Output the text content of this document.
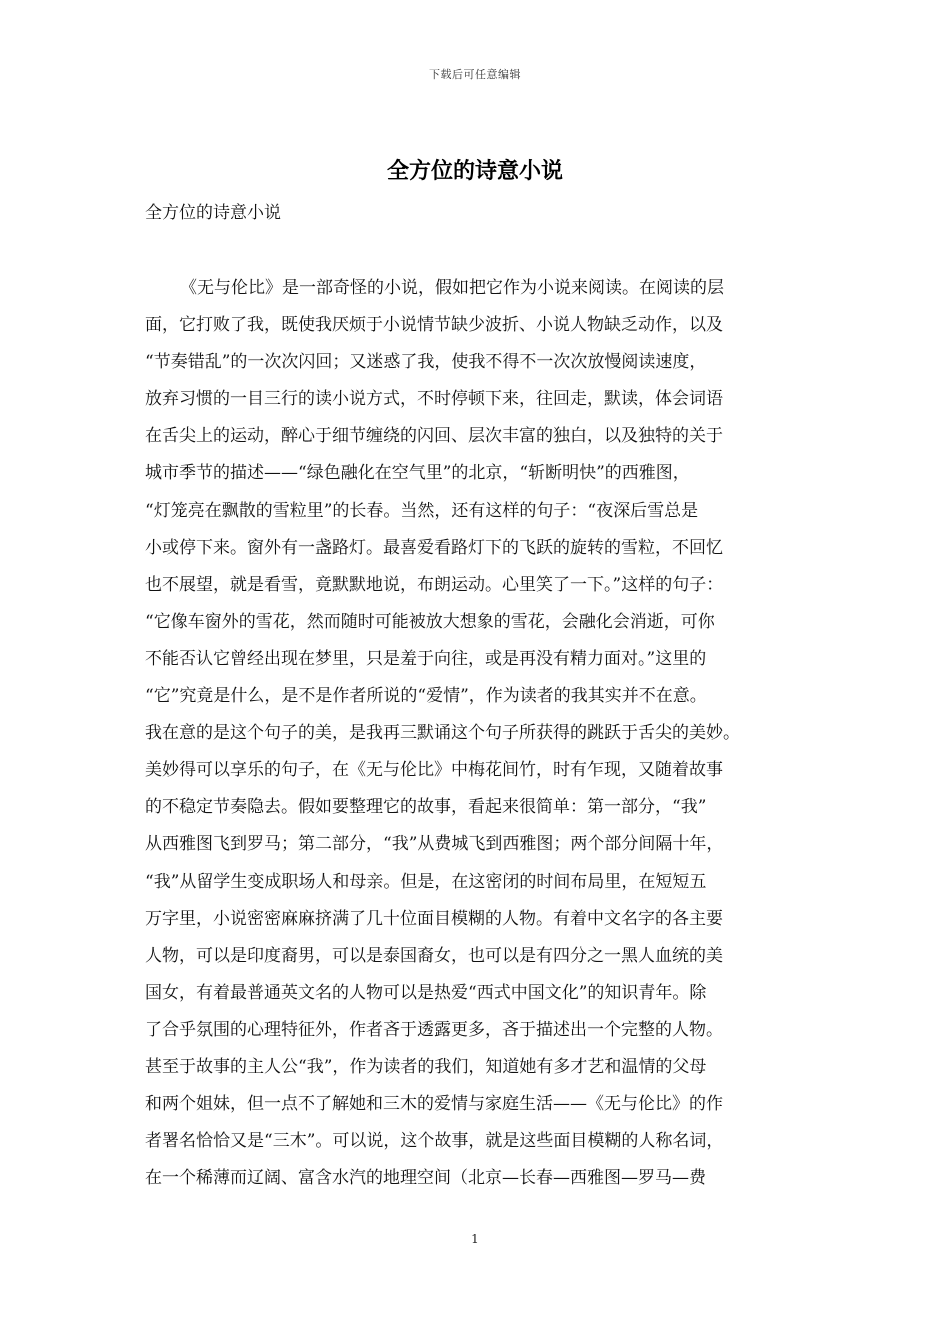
下载后可任意编辑
全方位的诗意小说
全方位的诗意小说
《无与伦比》是一部奇怪的小说，假如把它作为小说来阅读。在阅读的层
面，它打败了我，既使我厌烦于小说情节缺少波折、小说人物缺乏动作，以及
“节奏错乱”的一次次闪回；又迷惑了我，使我不得不一次次放慢阅读速度，
放弃习惯的一目三行的读小说方式，不时停顿下来，往回走，默读，体会词语
在舌尖上的运动，醉心于细节缠绕的闪回、层次丰富的独白，以及独特的关于
城市季节的描述——“绿色融化在空气里”的北京，“斩断明快”的西雅图，
“灯笼亮在飘散的雪粒里”的长春。当然，还有这样的句子：“夜深后雪总是
小或停下来。窗外有一盏路灯。最喜爱看路灯下的飞跃的旋转的雪粒，不回忆
也不展望，就是看雪，竟默默地说，布朗运动。心里笑了一下。”这样的句子：
“它像车窗外的雪花，然而随时可能被放大想象的雪花，会融化会消逝，可你
不能否认它曾经出现在梦里，只是羞于向往，或是再没有精力面对。”这里的
“它”究竟是什么，是不是作者所说的“爱情”，作为读者的我其实并不在意。
我在意的是这个句子的美，是我再三默诵这个句子所获得的跳跃于舌尖的美妙。
美妙得可以享乐的句子，在《无与伦比》中梅花间竹，时有乍现，又随着故事
的不稳定节奏隐去。假如要整理它的故事，看起来很简单：第一部分，“我”
从西雅图飞到罗马；第二部分，“我”从费城飞到西雅图；两个部分间隔十年，
“我”从留学生变成职场人和母亲。但是，在这密闭的时间布局里，在短短五
万字里，小说密密麻麻挤满了几十位面目模糊的人物。有着中文名字的各主要
人物，可以是印度裔男，可以是泰国裔女，也可以是有四分之一黑人血统的美
国女，有着最普通英文名的人物可以是热爱“西式中国文化”的知识青年。除
了合乎氛围的心理特征外，作者吝于透露更多，吝于描述出一个完整的人物。
甚至于故事的主人公“我”，作为读者的我们，知道她有多才艺和温情的父母
和两个姐妹，但一点不了解她和三木的爱情与家庭生活——《无与伦比》的作
者署名恰恰又是“三木”。可以说，这个故事，就是这些面目模糊的人称名词，
在一个稀薄而辽阔、富含水汽的地理空间（北京—长春—西雅图—罗马—费
1
